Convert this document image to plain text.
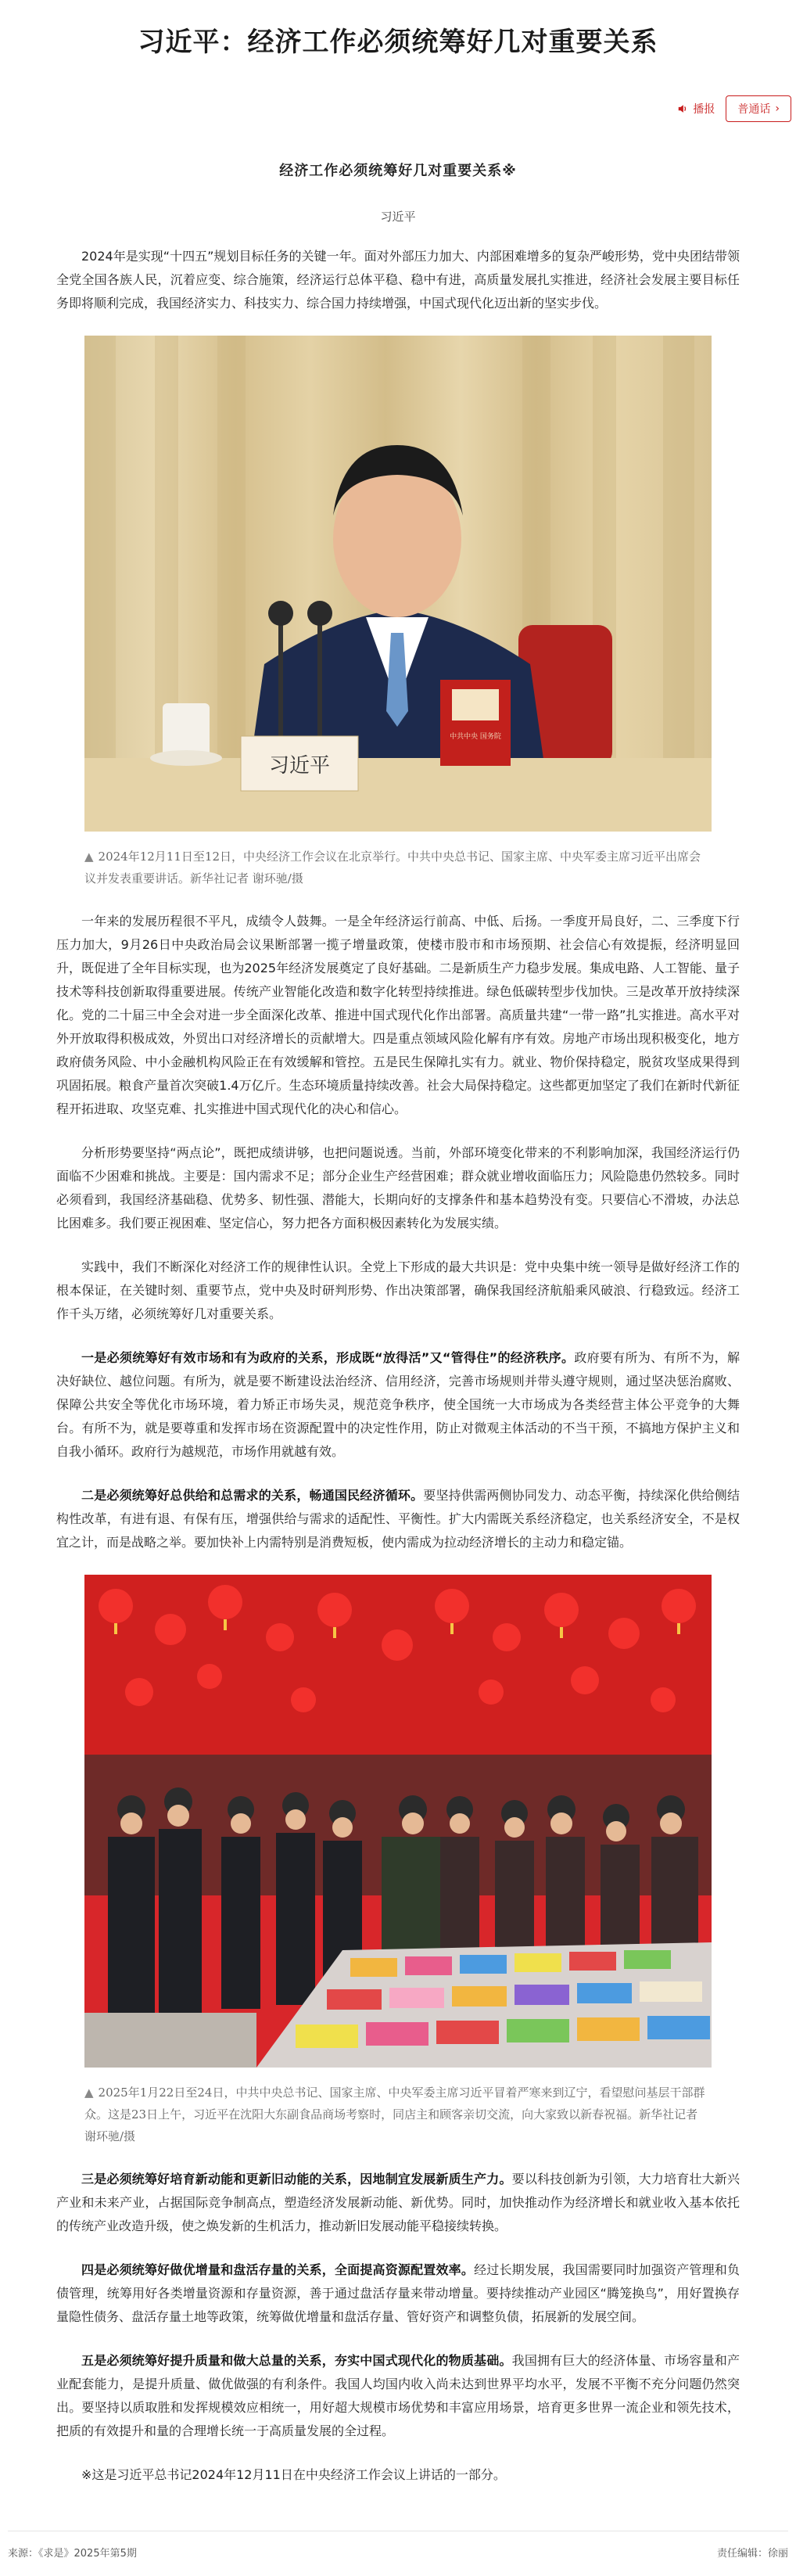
习近平：经济工作必须统筹好几对重要关系
播报 普通话 ›
经济工作必须统筹好几对重要关系※
习近平

2024年是实现“十四五”规划目标任务的关键一年。面对外部压力加大、内部困难增多的复杂严峻形势，党中央团结带领全党全国各族人民，沉着应变、综合施策，经济运行总体平稳、稳中有进，高质量发展扎实推进，经济社会发展主要目标任务即将顺利完成，我国经济实力、科技实力、综合国力持续增强，中国式现代化迈出新的坚实步伐。

习近平
中共中央 国务院

▲ 2024年12月11日至12日，中央经济工作会议在北京举行。中共中央总书记、国家主席、中央军委主席习近平出席会议并发表重要讲话。新华社记者 谢环驰/摄

一年来的发展历程很不平凡，成绩令人鼓舞。一是全年经济运行前高、中低、后扬。一季度开局良好，二、三季度下行压力加大，9月26日中央政治局会议果断部署一揽子增量政策，使楼市股市和市场预期、社会信心有效提振，经济明显回升，既促进了全年目标实现，也为2025年经济发展奠定了良好基础。二是新质生产力稳步发展。集成电路、人工智能、量子技术等科技创新取得重要进展。传统产业智能化改造和数字化转型持续推进。绿色低碳转型步伐加快。三是改革开放持续深化。党的二十届三中全会对进一步全面深化改革、推进中国式现代化作出部署。高质量共建“一带一路”扎实推进。高水平对外开放取得积极成效，外贸出口对经济增长的贡献增大。四是重点领域风险化解有序有效。房地产市场出现积极变化，地方政府债务风险、中小金融机构风险正在有效缓解和管控。五是民生保障扎实有力。就业、物价保持稳定，脱贫攻坚成果得到巩固拓展。粮食产量首次突破1.4万亿斤。生态环境质量持续改善。社会大局保持稳定。这些都更加坚定了我们在新时代新征程开拓进取、攻坚克难、扎实推进中国式现代化的决心和信心。

分析形势要坚持“两点论”，既把成绩讲够，也把问题说透。当前，外部环境变化带来的不利影响加深，我国经济运行仍面临不少困难和挑战。主要是：国内需求不足；部分企业生产经营困难；群众就业增收面临压力；风险隐患仍然较多。同时必须看到，我国经济基础稳、优势多、韧性强、潜能大，长期向好的支撑条件和基本趋势没有变。只要信心不滑坡，办法总比困难多。我们要正视困难、坚定信心，努力把各方面积极因素转化为发展实绩。

实践中，我们不断深化对经济工作的规律性认识。全党上下形成的最大共识是：党中央集中统一领导是做好经济工作的根本保证，在关键时刻、重要节点，党中央及时研判形势、作出决策部署，确保我国经济航船乘风破浪、行稳致远。经济工作千头万绪，必须统筹好几对重要关系。

一是必须统筹好有效市场和有为政府的关系，形成既“放得活”又“管得住”的经济秩序。政府要有所为、有所不为，解决好缺位、越位问题。有所为，就是要不断建设法治经济、信用经济，完善市场规则并带头遵守规则，通过坚决惩治腐败、保障公共安全等优化市场环境，着力矫正市场失灵，规范竞争秩序，使全国统一大市场成为各类经营主体公平竞争的大舞台。有所不为，就是要尊重和发挥市场在资源配置中的决定性作用，防止对微观主体活动的不当干预，不搞地方保护主义和自我小循环。政府行为越规范，市场作用就越有效。

二是必须统筹好总供给和总需求的关系，畅通国民经济循环。要坚持供需两侧协同发力、动态平衡，持续深化供给侧结构性改革，有进有退、有保有压，增强供给与需求的适配性、平衡性。扩大内需既关系经济稳定，也关系经济安全，不是权宜之计，而是战略之举。要加快补上内需特别是消费短板，使内需成为拉动经济增长的主动力和稳定锚。

▲ 2025年1月22日至24日，中共中央总书记、国家主席、中央军委主席习近平冒着严寒来到辽宁，看望慰问基层干部群众。这是23日上午，习近平在沈阳大东副食品商场考察时，同店主和顾客亲切交流，向大家致以新春祝福。新华社记者 谢环驰/摄

三是必须统筹好培育新动能和更新旧动能的关系，因地制宜发展新质生产力。要以科技创新为引领，大力培育壮大新兴产业和未来产业，占据国际竞争制高点，塑造经济发展新动能、新优势。同时，加快推动作为经济增长和就业收入基本依托的传统产业改造升级，使之焕发新的生机活力，推动新旧发展动能平稳接续转换。

四是必须统筹好做优增量和盘活存量的关系，全面提高资源配置效率。经过长期发展，我国需要同时加强资产管理和负债管理，统筹用好各类增量资源和存量资源，善于通过盘活存量来带动增量。要持续推动产业园区“腾笼换鸟”，用好置换存量隐性债务、盘活存量土地等政策，统筹做优增量和盘活存量、管好资产和调整负债，拓展新的发展空间。

五是必须统筹好提升质量和做大总量的关系，夯实中国式现代化的物质基础。我国拥有巨大的经济体量、市场容量和产业配套能力，是提升质量、做优做强的有利条件。我国人均国内收入尚未达到世界平均水平，发展不平衡不充分问题仍然突出。要坚持以质取胜和发挥规模效应相统一，用好超大规模市场优势和丰富应用场景，培育更多世界一流企业和领先技术，把质的有效提升和量的合理增长统一于高质量发展的全过程。

※这是习近平总书记2024年12月11日在中央经济工作会议上讲话的一部分。

来源：《求是》2025年第5期	责任编辑：徐丽
